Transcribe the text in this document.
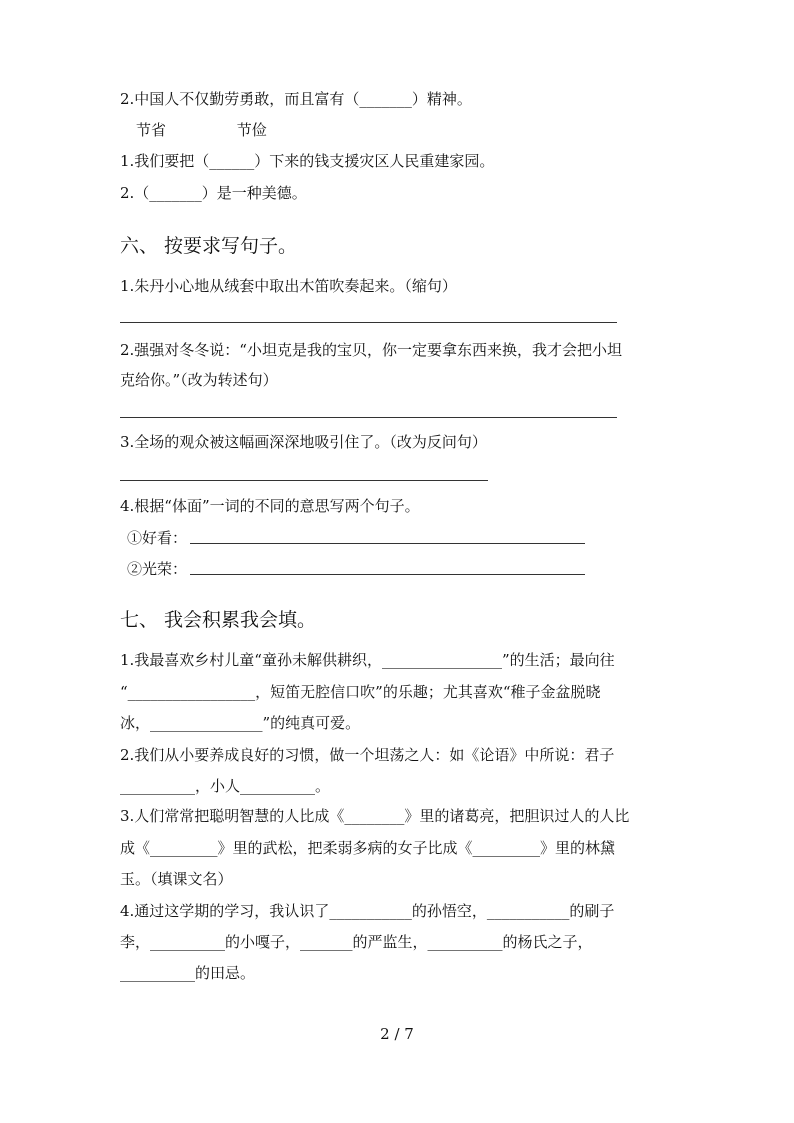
2.中国人不仅勤劳勇敢，而且富有（_______）精神。
节省	节俭
1.我们要把（______）下来的钱支援灾区人民重建家园。
2.（_______）是一种美德。
六、 按要求写句子。
1.朱丹小心地从绒套中取出木笛吹奏起来。（缩句）
2.强强对冬冬说：“小坦克是我的宝贝，你一定要拿东西来换，我才会把小坦
克给你。”（改为转述句）
3.全场的观众被这幅画深深地吸引住了。（改为反问句）
4.根据“体面”一词的不同的意思写两个句子。
①好看：
②光荣：
七、 我会积累我会填。
1.我最喜欢乡村儿童“童孙未解供耕织，________________”的生活；最向往
“_________________，短笛无腔信口吹”的乐趣；尤其喜欢“稚子金盆脱晓
冰，_______________”的纯真可爱。
2.我们从小要养成良好的习惯，做一个坦荡之人：如《论语》中所说：君子
__________，小人__________。
3.人们常常把聪明智慧的人比成《________》里的诸葛亮，把胆识过人的人比
成《_________》里的武松，把柔弱多病的女子比成《_________》里的林黛
玉。（填课文名）
4.通过这学期的学习，我认识了___________的孙悟空，___________的刷子
李，__________的小嘎子，_______的严监生，__________的杨氏之子，
__________的田忌。
2 / 7
